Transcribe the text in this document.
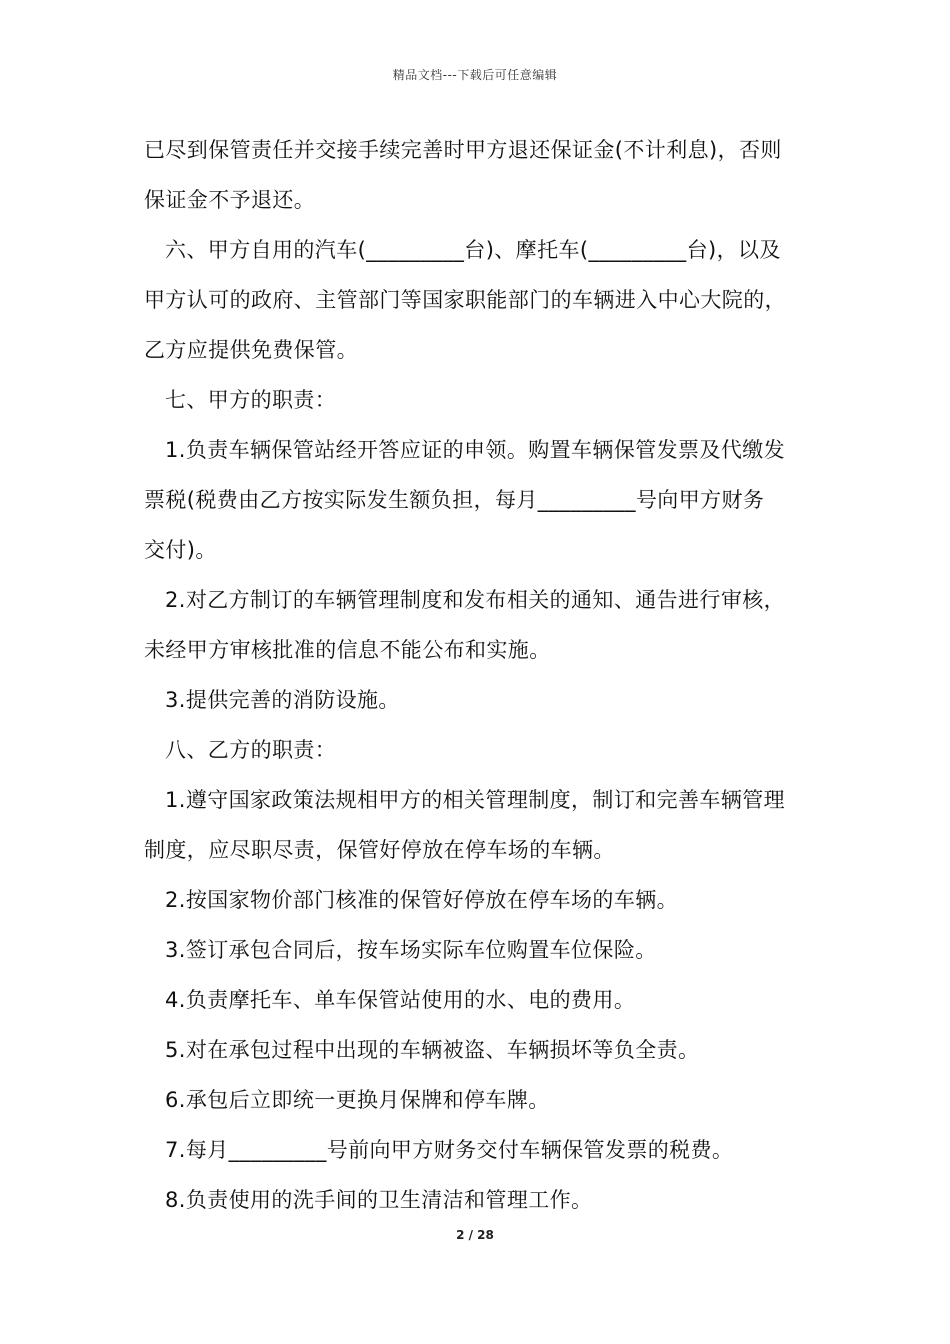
精品文档---下载后可任意编辑
已尽到保管责任并交接手续完善时甲方退还保证金(不计利息)，否则
保证金不予退还。
六、甲方自用的汽车(_________台)、摩托车(_________台)，以及
甲方认可的政府、主管部门等国家职能部门的车辆进入中心大院的，
乙方应提供免费保管。
七、甲方的职责：
1.负责车辆保管站经开答应证的申领。购置车辆保管发票及代缴发
票税(税费由乙方按实际发生额负担，每月_________号向甲方财务
交付)。
2.对乙方制订的车辆管理制度和发布相关的通知、通告进行审核，
未经甲方审核批准的信息不能公布和实施。
3.提供完善的消防设施。
八、乙方的职责：
1.遵守国家政策法规相甲方的相关管理制度，制订和完善车辆管理
制度，应尽职尽责，保管好停放在停车场的车辆。
2.按国家物价部门核准的保管好停放在停车场的车辆。
3.签订承包合同后，按车场实际车位购置车位保险。
4.负责摩托车、单车保管站使用的水、电的费用。
5.对在承包过程中出现的车辆被盗、车辆损坏等负全责。
6.承包后立即统一更换月保牌和停车牌。
7.每月_________号前向甲方财务交付车辆保管发票的税费。
8.负责使用的洗手间的卫生清洁和管理工作。
2 / 28
